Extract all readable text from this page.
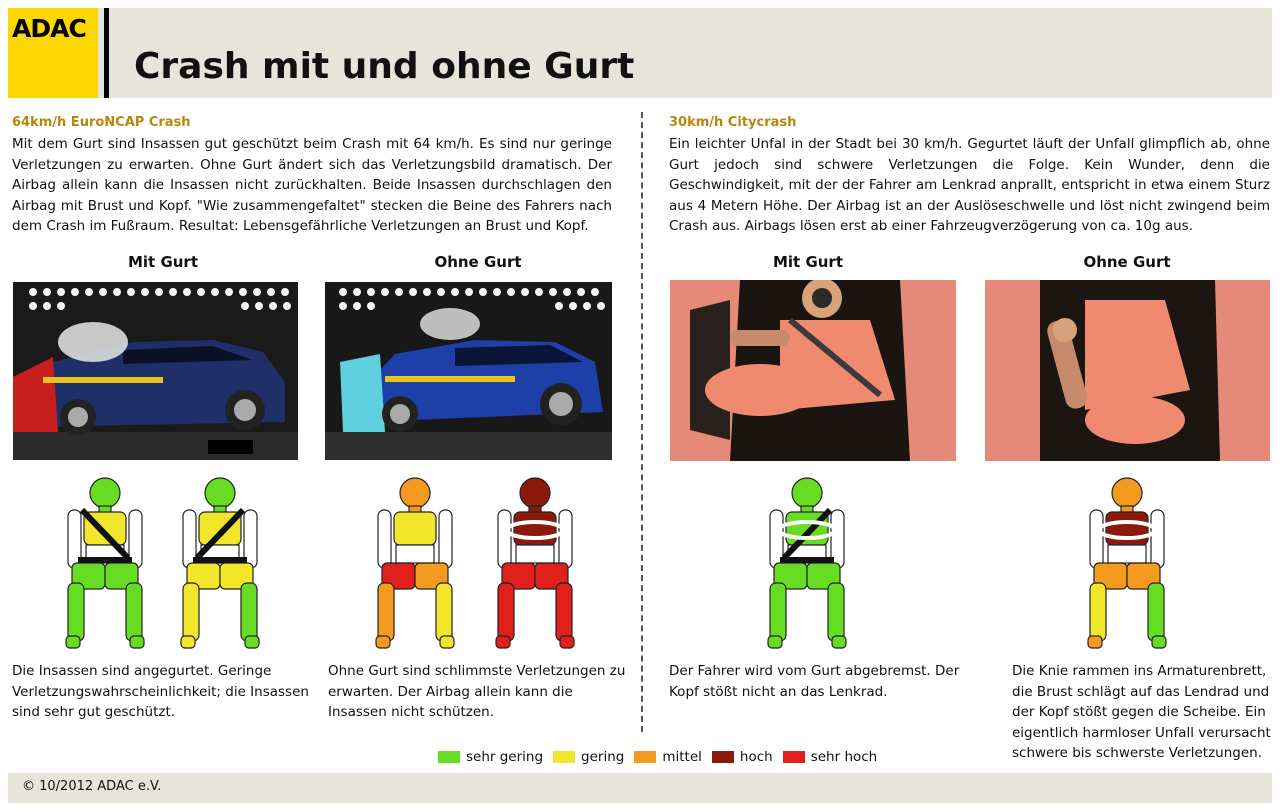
ADAC
Crash mit und ohne Gurt
64km/h EuroNCAP Crash
Mit dem Gurt sind Insassen gut geschützt beim Crash mit 64 km/h. Es sind nur geringe Verletzungen zu erwarten. Ohne Gurt ändert sich das Verletzungsbild dramatisch. Der Airbag allein kann die Insassen nicht zurückhalten. Beide Insassen durchschlagen den Airbag mit Brust und Kopf. "Wie zusammengefaltet" stecken die Beine des Fahrers nach dem Crash im Fußraum. Resultat: Lebensgefährliche Verletzungen an Brust und Kopf.
Mit Gurt	Ohne Gurt
Die Insassen sind angegurtet. Geringe Verletzungswahrscheinlichkeit; die Insassen sind sehr gut geschützt.
Ohne Gurt sind schlimmste Verletzungen zu erwarten. Der Airbag allein kann die Insassen nicht schützen.
30km/h Citycrash
Ein leichter Unfal in der Stadt bei 30 km/h. Gegurtet läuft der Unfall glimpflich ab, ohne Gurt jedoch sind schwere Verletzungen die Folge. Kein Wunder, denn die Geschwindigkeit, mit der der Fahrer am Lenkrad anprallt, entspricht in etwa einem Sturz aus 4 Metern Höhe. Der Airbag ist an der Auslöseschwelle und löst nicht zwingend beim Crash aus. Airbags lösen erst ab einer Fahrzeugverzögerung von ca. 10g aus.
Mit Gurt	Ohne Gurt
Der Fahrer wird vom Gurt abgebremst. Der Kopf stößt nicht an das Lenkrad.
Die Knie rammen ins Armaturenbrett, die Brust schlägt auf das Lendrad und der Kopf stößt gegen die Scheibe. Ein eigentlich harmloser Unfall verursacht schwere bis schwerste Verletzungen.
sehr gering	gering	mittel	hoch	sehr hoch
© 10/2012 ADAC e.V.
